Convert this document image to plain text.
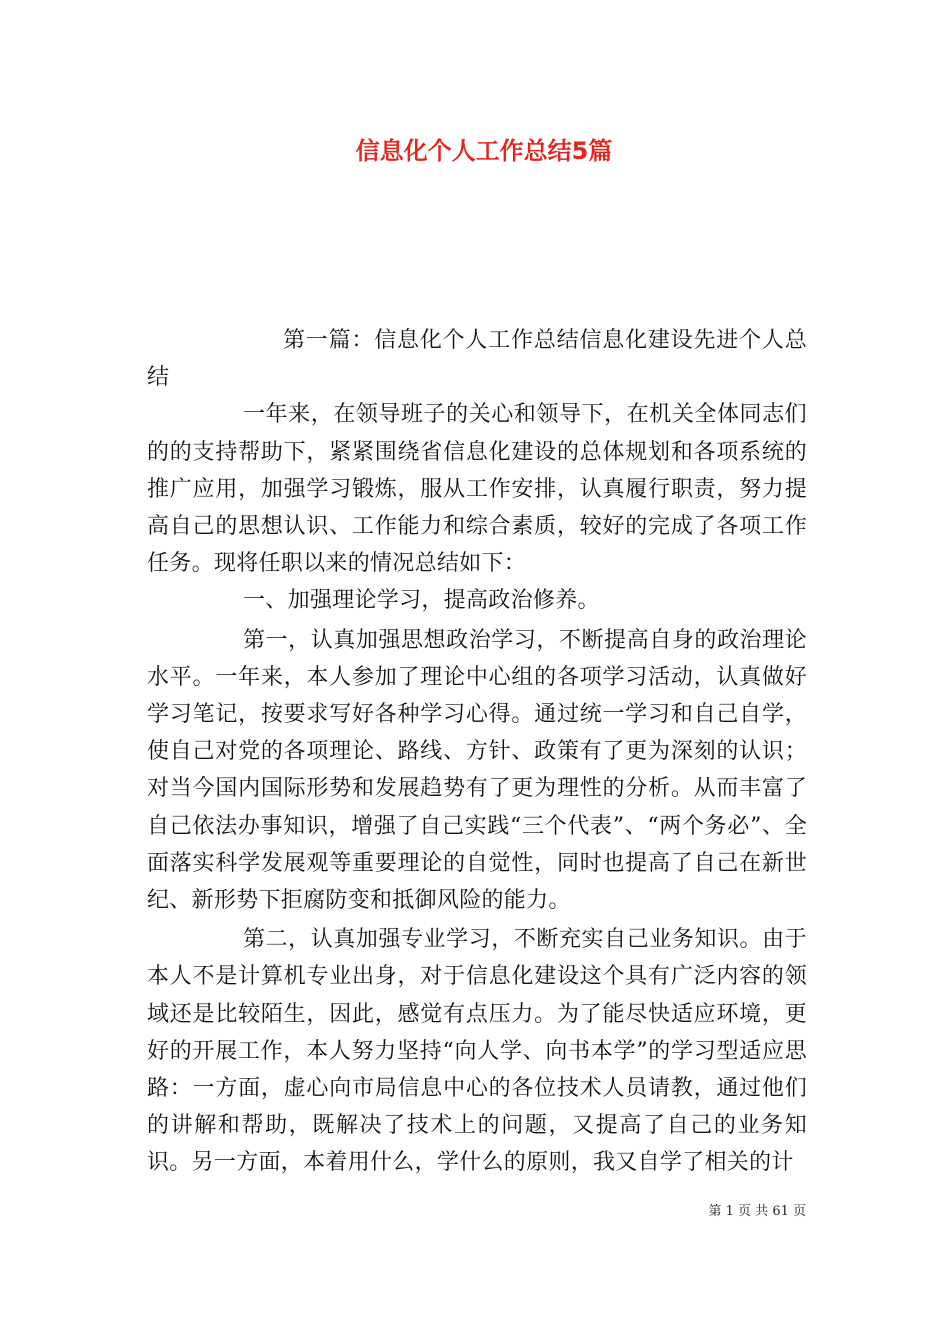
信息化个人工作总结5篇

第一篇：信息化个人工作总结信息化建设先进个人总结

一年来，在领导班子的关心和领导下，在机关全体同志们的的支持帮助下，紧紧围绕省信息化建设的总体规划和各项系统的推广应用，加强学习锻炼，服从工作安排，认真履行职责，努力提高自己的思想认识、工作能力和综合素质，较好的完成了各项工作任务。现将任职以来的情况总结如下：

一、加强理论学习，提高政治修养。

第一，认真加强思想政治学习，不断提高自身的政治理论水平。一年来，本人参加了理论中心组的各项学习活动，认真做好学习笔记，按要求写好各种学习心得。通过统一学习和自己自学，使自己对党的各项理论、路线、方针、政策有了更为深刻的认识；对当今国内国际形势和发展趋势有了更为理性的分析。从而丰富了自己依法办事知识，增强了自己实践“三个代表”、“两个务必”、全面落实科学发展观等重要理论的自觉性，同时也提高了自己在新世纪、新形势下拒腐防变和抵御风险的能力。

第二，认真加强专业学习，不断充实自己业务知识。由于本人不是计算机专业出身，对于信息化建设这个具有广泛内容的领域还是比较陌生，因此，感觉有点压力。为了能尽快适应环境，更好的开展工作，本人努力坚持“向人学、向书本学”的学习型适应思路：一方面，虚心向市局信息中心的各位技术人员请教，通过他们的讲解和帮助，既解决了技术上的问题，又提高了自己的业务知识。另一方面，本着用什么，学什么的原则，我又自学了相关的计

第 1 页 共 61 页
